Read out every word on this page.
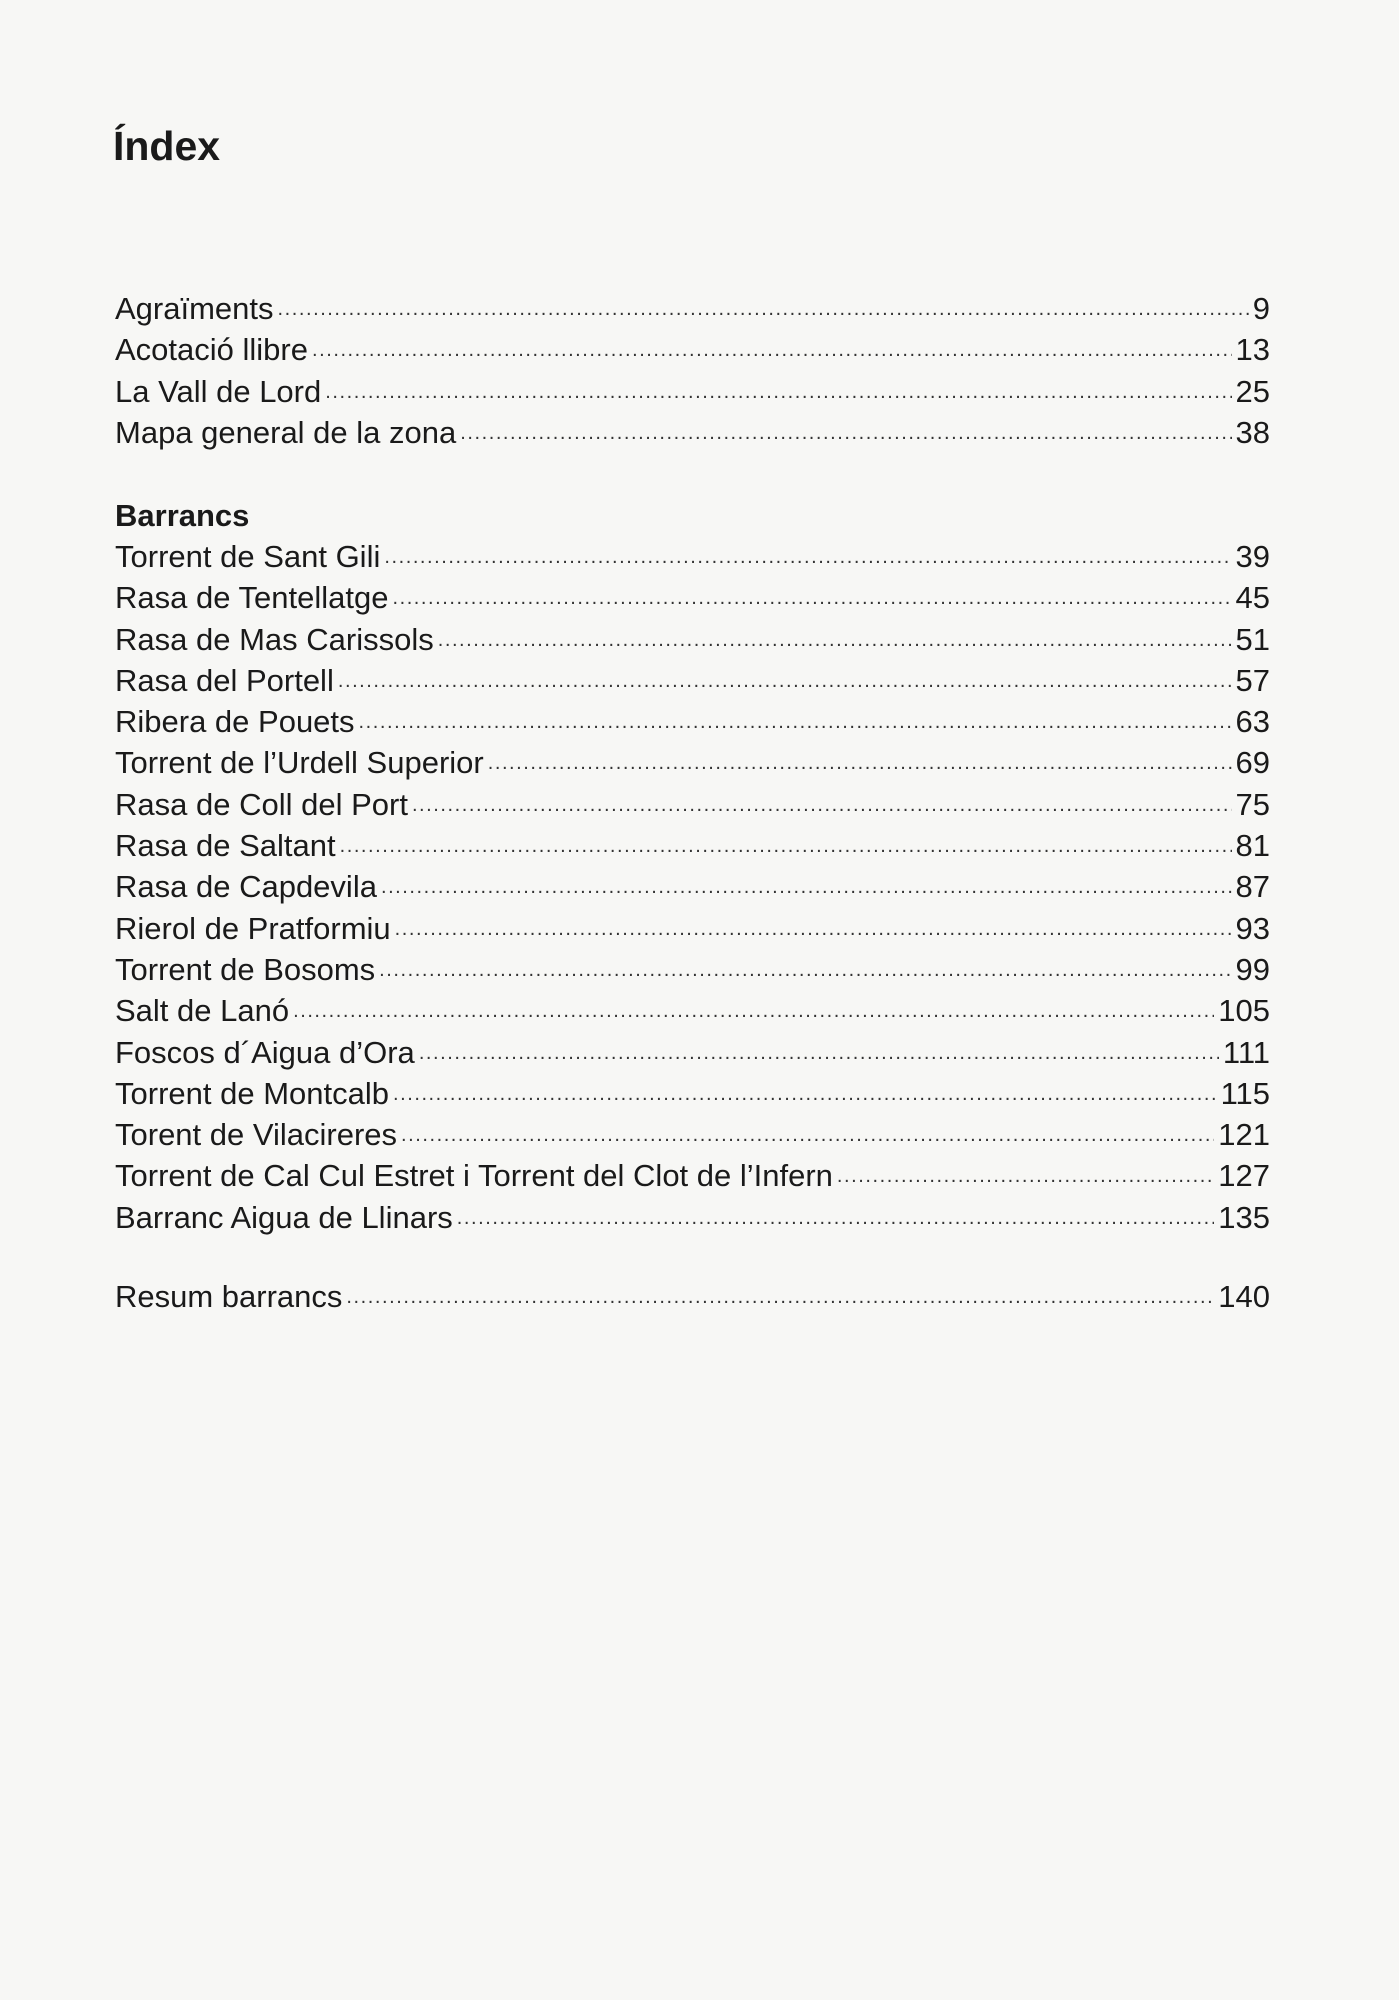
Índex
Agraïments . . .	9
Acotació llibre . . .	13
La Vall de Lord . . .	25
Mapa general de la zona . . .	38
Barrancs
Torrent de Sant Gili . . .	39
Rasa de Tentellatge . . .	45
Rasa de Mas Carissols . . .	51
Rasa del Portell . . .	57
Ribera de Pouets . . .	63
Torrent de l’Urdell Superior . . .	69
Rasa de Coll del Port . . .	75
Rasa de Saltant . . .	81
Rasa de Capdevila . . .	87
Rierol de Pratformiu . . .	93
Torrent de Bosoms . . .	99
Salt de Lanó . . .	105
Foscos d´Aigua d’Ora . . .	111
Torrent de Montcalb . . .	115
Torent de Vilacireres . . .	121
Torrent de Cal Cul Estret i Torrent del Clot de l’Infern . . .	127
Barranc Aigua de Llinars . . .	135
Resum barrancs . . .	140
